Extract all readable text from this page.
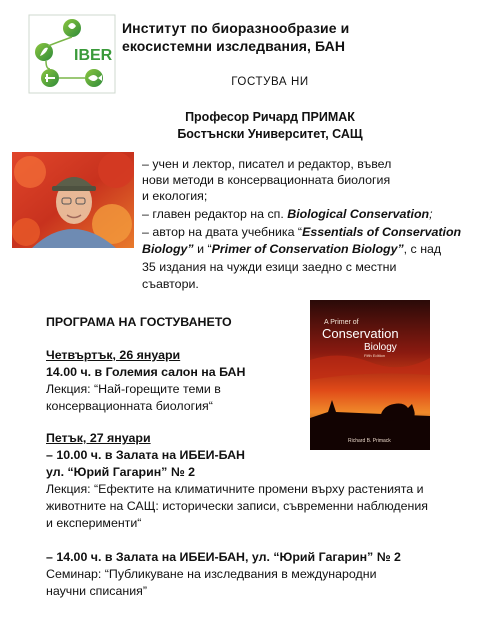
IBER
Институт по биоразнообразие и
екосистемни изследвания, БАН
ГОСТУВА НИ
Професор Ричард ПРИМАК
Бостънски Университет, САЩ
– учен и лектор, писател и редактор, въвел
нови методи в консервационната биология
и екология;
– главен редактор на сп. Biological Conservation;
– автор на двата учебника “Essentials of Conservation
Biology” и “Primer of Conservation Biology”, с над
35 издания на чужди езици заедно с местни
съавтори.
A Primer of
Conservation
Biology
Fifth Edition
Richard B. Primack
ПРОГРАМА НА ГОСТУВАНЕТО
Четвъртък, 26 януари
14.00 ч. в Големия салон на БАН
Лекция: “Най-горещите теми в
консервационната биология“
Петък, 27 януари
– 10.00 ч. в Залата на ИБЕИ-БАН
ул. “Юрий Гагарин” № 2
Лекция: “Ефектите на климатичните промени върху растенията и
животните на САЩ: исторически записи, съвременни наблюдения
и експерименти“
– 14.00 ч. в Залата на ИБЕИ-БАН, ул. “Юрий Гагарин” № 2
Семинар: “Публикуване на изследвания в международни
научни списания”
